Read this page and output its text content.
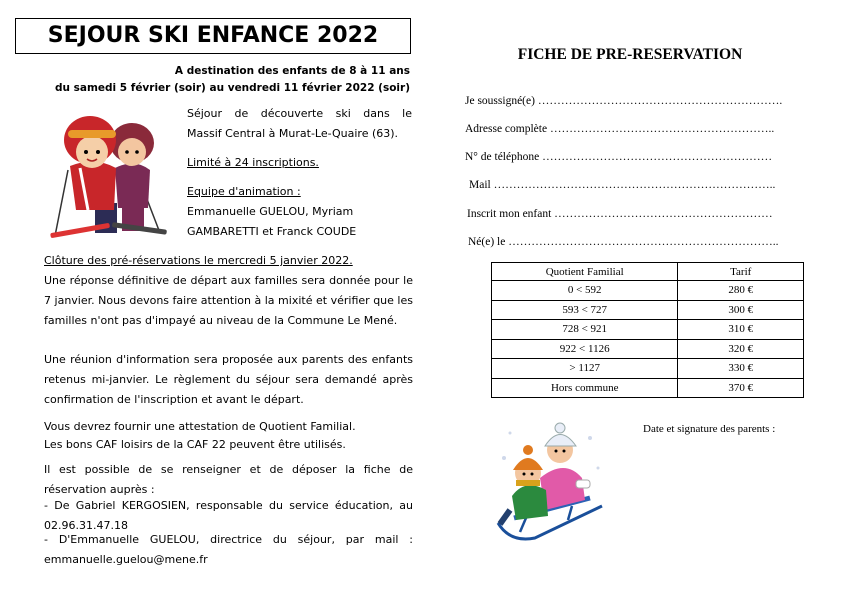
SEJOUR SKI ENFANCE 2022
A destination des enfants de 8 à 11 ans
du samedi 5 février (soir) au vendredi 11 février 2022 (soir)
Séjour de découverte ski dans le
Massif Central à Murat-Le-Quaire (63).
Limité à 24 inscriptions.
Equipe d'animation :
Emmanuelle GUELOU, Myriam
GAMBARETTI et Franck COUDE
Clôture des pré-réservations le mercredi 5 janvier 2022.
Une réponse définitive de départ aux familles sera donnée pour le 7 janvier. Nous devons faire attention à la mixité et vérifier que les familles n'ont pas d'impayé au niveau de la Commune Le Mené.
Une réunion d'information sera proposée aux parents des enfants retenus mi-janvier. Le règlement du séjour sera demandé après confirmation de l'inscription et avant le départ.
Vous devrez fournir une attestation de Quotient Familial.
Les bons CAF loisirs de la CAF 22 peuvent être utilisés.
Il est possible de se renseigner et de déposer la fiche de réservation auprès :
- De Gabriel KERGOSIEN, responsable du service éducation, au 02.96.31.47.18
- D'Emmanuelle GUELOU, directrice du séjour, par mail : emmanuelle.guelou@mene.fr
FICHE DE PRE-RESERVATION
Je soussigné(e) ……………………………………………………….
Adresse complète …………………………………………………..
N° de téléphone ……………………………………………………
Mail ………………………………………………………………..
Inscrit mon enfant …………………………………………………
Né(e) le ……………………………………………………………..
Quotient Familial	Tarif
0 < 592	280 €
593 < 727	300 €
728 < 921	310 €
922 < 1126	320 €
> 1127	330 €
Hors commune	370 €
Date et signature des parents :
